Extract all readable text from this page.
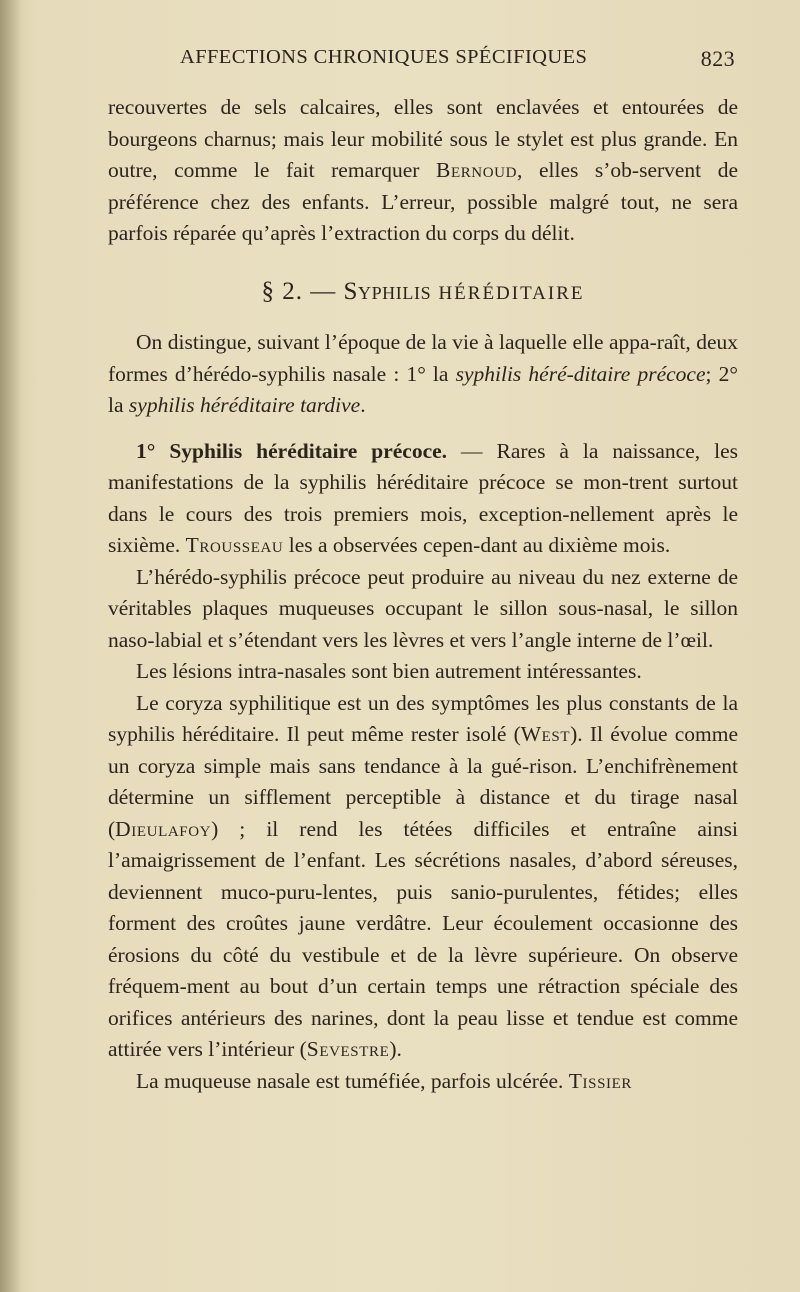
AFFECTIONS CHRONIQUES SPÉCIFIQUES	823

recouvertes de sels calcaires, elles sont enclavées et entourées de bourgeons charnus; mais leur mobilité sous le stylet est plus grande. En outre, comme le fait remarquer Bernoud, elles s’ob-servent de préférence chez des enfants. L’erreur, possible malgré tout, ne sera parfois réparée qu’après l’extraction du corps du délit.

§ 2. — Syphilis HÉRÉDITAIRE

On distingue, suivant l’époque de la vie à laquelle elle appa-raît, deux formes d’hérédo-syphilis nasale : 1° la syphilis héré-ditaire précoce; 2° la syphilis héréditaire tardive.

1° Syphilis héréditaire précoce. — Rares à la naissance, les manifestations de la syphilis héréditaire précoce se mon-trent surtout dans le cours des trois premiers mois, exception-nellement après le sixième. Trousseau les a observées cepen-dant au dixième mois.

L’hérédo-syphilis précoce peut produire au niveau du nez externe de véritables plaques muqueuses occupant le sillon sous-nasal, le sillon naso-labial et s’étendant vers les lèvres et vers l’angle interne de l’œil.

Les lésions intra-nasales sont bien autrement intéressantes.

Le coryza syphilitique est un des symptômes les plus constants de la syphilis héréditaire. Il peut même rester isolé (West). Il évolue comme un coryza simple mais sans tendance à la gué-rison. L’enchifrènement détermine un sifflement perceptible à distance et du tirage nasal (Dieulafoy) ; il rend les tétées difficiles et entraîne ainsi l’amaigrissement de l’enfant. Les sécrétions nasales, d’abord séreuses, deviennent muco-puru-lentes, puis sanio-purulentes, fétides; elles forment des croûtes jaune verdâtre. Leur écoulement occasionne des érosions du côté du vestibule et de la lèvre supérieure. On observe fréquem-ment au bout d’un certain temps une rétraction spéciale des orifices antérieurs des narines, dont la peau lisse et tendue est comme attirée vers l’intérieur (Sevestre).

La muqueuse nasale est tuméfiée, parfois ulcérée. Tissier
